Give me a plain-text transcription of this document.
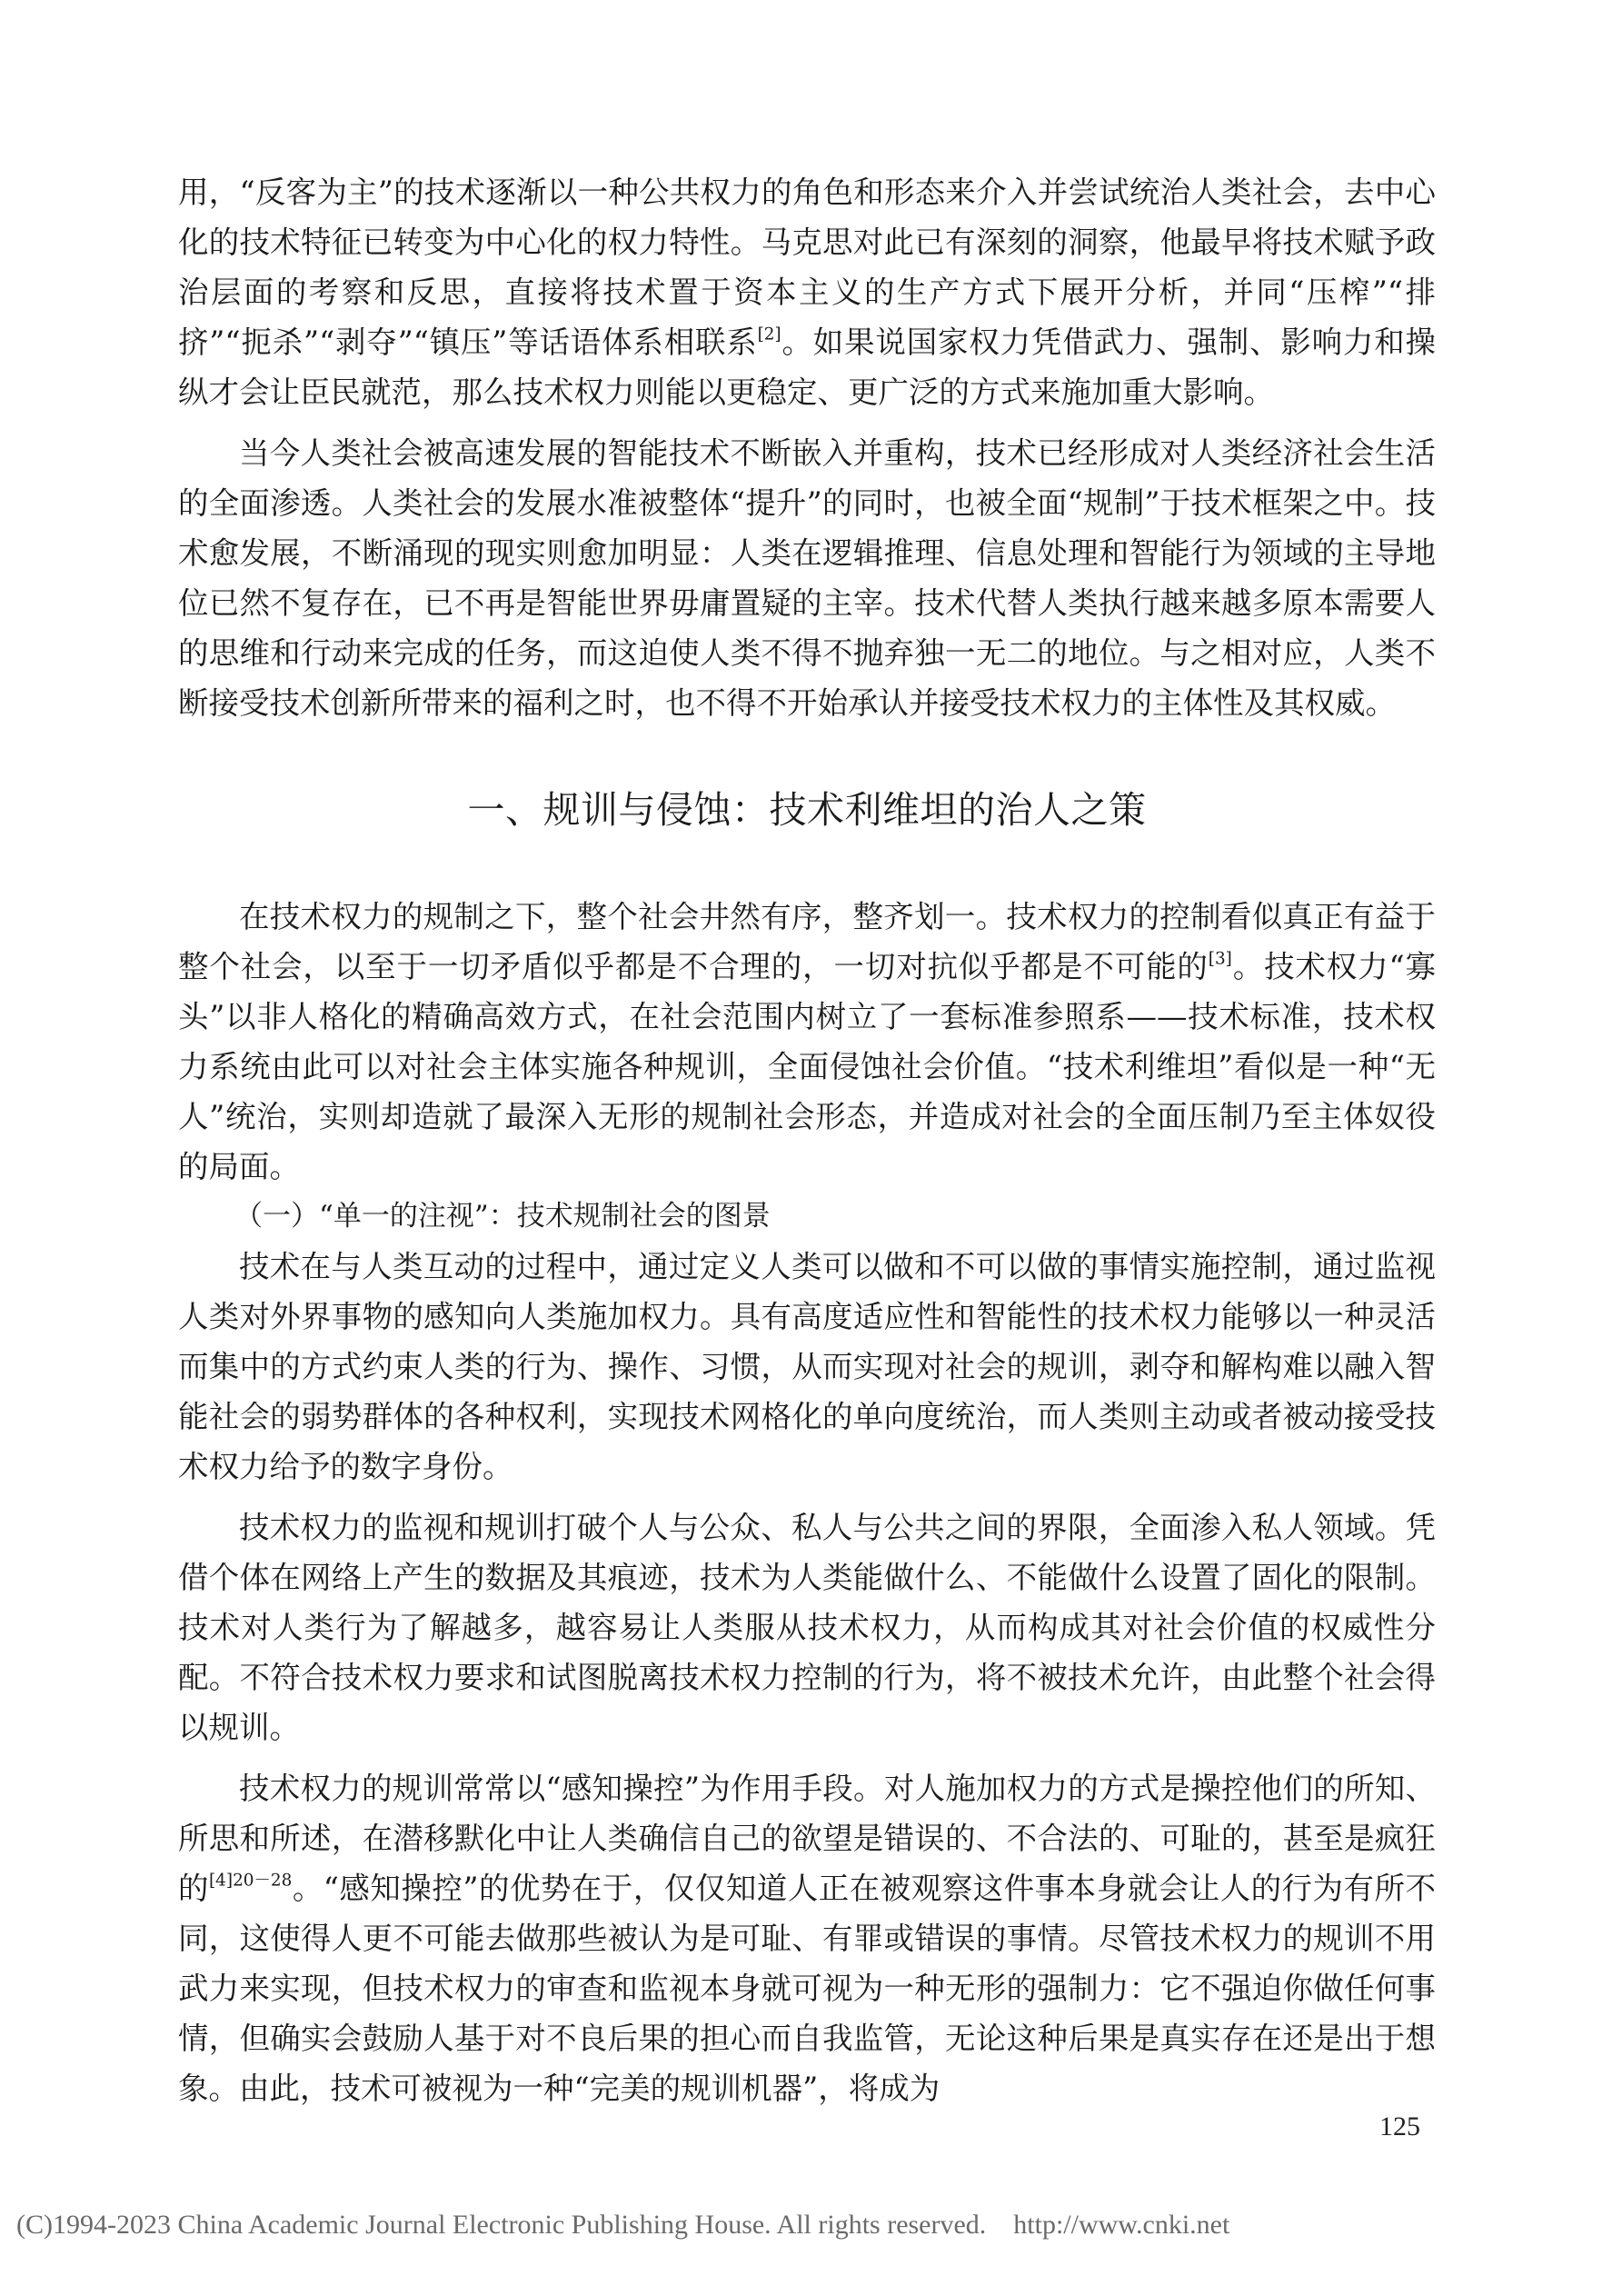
用，“反客为主”的技术逐渐以一种公共权力的角色和形态来介入并尝试统治人类社会，去中心化的技术特征已转变为中心化的权力特性。马克思对此已有深刻的洞察，他最早将技术赋予政治层面的考察和反思，直接将技术置于资本主义的生产方式下展开分析，并同“压榨”“排挤”“扼杀”“剥夺”“镇压”等话语体系相联系[2]。如果说国家权力凭借武力、强制、影响力和操纵才会让臣民就范，那么技术权力则能以更稳定、更广泛的方式来施加重大影响。

当今人类社会被高速发展的智能技术不断嵌入并重构，技术已经形成对人类经济社会生活的全面渗透。人类社会的发展水准被整体“提升”的同时，也被全面“规制”于技术框架之中。技术愈发展，不断涌现的现实则愈加明显：人类在逻辑推理、信息处理和智能行为领域的主导地位已然不复存在，已不再是智能世界毋庸置疑的主宰。技术代替人类执行越来越多原本需要人的思维和行动来完成的任务，而这迫使人类不得不抛弃独一无二的地位。与之相对应，人类不断接受技术创新所带来的福利之时，也不得不开始承认并接受技术权力的主体性及其权威。

一、规训与侵蚀：技术利维坦的治人之策

在技术权力的规制之下，整个社会井然有序，整齐划一。技术权力的控制看似真正有益于整个社会，以至于一切矛盾似乎都是不合理的，一切对抗似乎都是不可能的[3]。技术权力“寡头”以非人格化的精确高效方式，在社会范围内树立了一套标准参照系——技术标准，技术权力系统由此可以对社会主体实施各种规训，全面侵蚀社会价值。“技术利维坦”看似是一种“无人”统治，实则却造就了最深入无形的规制社会形态，并造成对社会的全面压制乃至主体奴役的局面。

（一）“单一的注视”：技术规制社会的图景

技术在与人类互动的过程中，通过定义人类可以做和不可以做的事情实施控制，通过监视人类对外界事物的感知向人类施加权力。具有高度适应性和智能性的技术权力能够以一种灵活而集中的方式约束人类的行为、操作、习惯，从而实现对社会的规训，剥夺和解构难以融入智能社会的弱势群体的各种权利，实现技术网格化的单向度统治，而人类则主动或者被动接受技术权力给予的数字身份。

技术权力的监视和规训打破个人与公众、私人与公共之间的界限，全面渗入私人领域。凭借个体在网络上产生的数据及其痕迹，技术为人类能做什么、不能做什么设置了固化的限制。技术对人类行为了解越多，越容易让人类服从技术权力，从而构成其对社会价值的权威性分配。不符合技术权力要求和试图脱离技术权力控制的行为，将不被技术允许，由此整个社会得以规训。

技术权力的规训常常以“感知操控”为作用手段。对人施加权力的方式是操控他们的所知、所思和所述，在潜移默化中让人类确信自己的欲望是错误的、不合法的、可耻的，甚至是疯狂的$^{[4]20-28}$。“感知操控”的优势在于，仅仅知道人正在被观察这件事本身就会让人的行为有所不同，这使得人更不可能去做那些被认为是可耻、有罪或错误的事情。尽管技术权力的规训不用武力来实现，但技术权力的审查和监视本身就可视为一种无形的强制力：它不强迫你做任何事情，但确实会鼓励人基于对不良后果的担心而自我监管，无论这种后果是真实存在还是出于想象。由此，技术可被视为一种“完美的规训机器”，将成为

125
(C)1994-2023 China Academic Journal Electronic Publishing House. All rights reserved.    http://www.cnki.net
